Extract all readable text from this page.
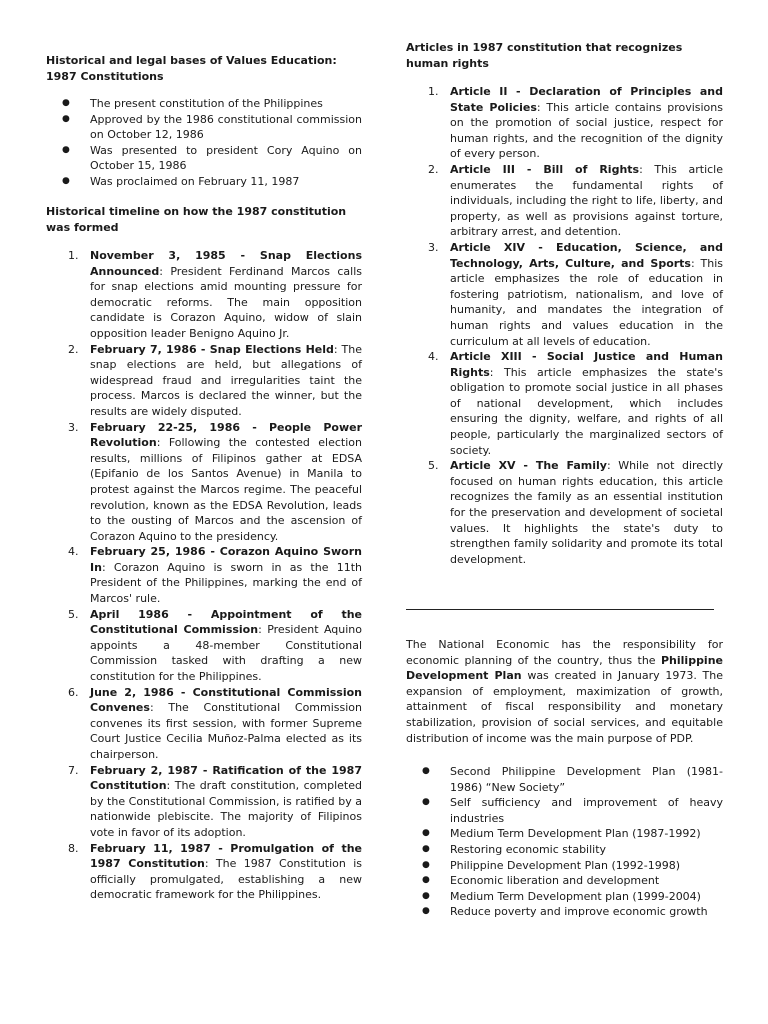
Historical and legal bases of Values Education: 1987 Constitutions

● The present constitution of the Philippines
● Approved by the 1986 constitutional commission on October 12, 1986
● Was presented to president Cory Aquino on October 15, 1986
● Was proclaimed on February 11, 1987

Historical timeline on how the 1987 constitution was formed

1. November 3, 1985 - Snap Elections Announced: President Ferdinand Marcos calls for snap elections amid mounting pressure for democratic reforms. The main opposition candidate is Corazon Aquino, widow of slain opposition leader Benigno Aquino Jr.
2. February 7, 1986 - Snap Elections Held: The snap elections are held, but allegations of widespread fraud and irregularities taint the process. Marcos is declared the winner, but the results are widely disputed.
3. February 22-25, 1986 - People Power Revolution: Following the contested election results, millions of Filipinos gather at EDSA (Epifanio de los Santos Avenue) in Manila to protest against the Marcos regime. The peaceful revolution, known as the EDSA Revolution, leads to the ousting of Marcos and the ascension of Corazon Aquino to the presidency.
4. February 25, 1986 - Corazon Aquino Sworn In: Corazon Aquino is sworn in as the 11th President of the Philippines, marking the end of Marcos' rule.
5. April 1986 - Appointment of the Constitutional Commission: President Aquino appoints a 48-member Constitutional Commission tasked with drafting a new constitution for the Philippines.
6. June 2, 1986 - Constitutional Commission Convenes: The Constitutional Commission convenes its first session, with former Supreme Court Justice Cecilia Muñoz-Palma elected as its chairperson.
7. February 2, 1987 - Ratification of the 1987 Constitution: The draft constitution, completed by the Constitutional Commission, is ratified by a nationwide plebiscite. The majority of Filipinos vote in favor of its adoption.
8. February 11, 1987 - Promulgation of the 1987 Constitution: The 1987 Constitution is officially promulgated, establishing a new democratic framework for the Philippines.

Articles in 1987 constitution that recognizes human rights

1. Article II - Declaration of Principles and State Policies: This article contains provisions on the promotion of social justice, respect for human rights, and the recognition of the dignity of every person.
2. Article III - Bill of Rights: This article enumerates the fundamental rights of individuals, including the right to life, liberty, and property, as well as provisions against torture, arbitrary arrest, and detention.
3. Article XIV - Education, Science, and Technology, Arts, Culture, and Sports: This article emphasizes the role of education in fostering patriotism, nationalism, and love of humanity, and mandates the integration of human rights and values education in the curriculum at all levels of education.
4. Article XIII - Social Justice and Human Rights: This article emphasizes the state's obligation to promote social justice in all phases of national development, which includes ensuring the dignity, welfare, and rights of all people, particularly the marginalized sectors of society.
5. Article XV - The Family: While not directly focused on human rights education, this article recognizes the family as an essential institution for the preservation and development of societal values. It highlights the state's duty to strengthen family solidarity and promote its total development.

The National Economic has the responsibility for economic planning of the country, thus the Philippine Development Plan was created in January 1973. The expansion of employment, maximization of growth, attainment of fiscal responsibility and monetary stabilization, provision of social services, and equitable distribution of income was the main purpose of PDP.

● Second Philippine Development Plan (1981-1986) “New Society”
● Self sufficiency and improvement of heavy industries
● Medium Term Development Plan (1987-1992)
● Restoring economic stability
● Philippine Development Plan (1992-1998)
● Economic liberation and development
● Medium Term Development plan (1999-2004)
● Reduce poverty and improve economic growth
